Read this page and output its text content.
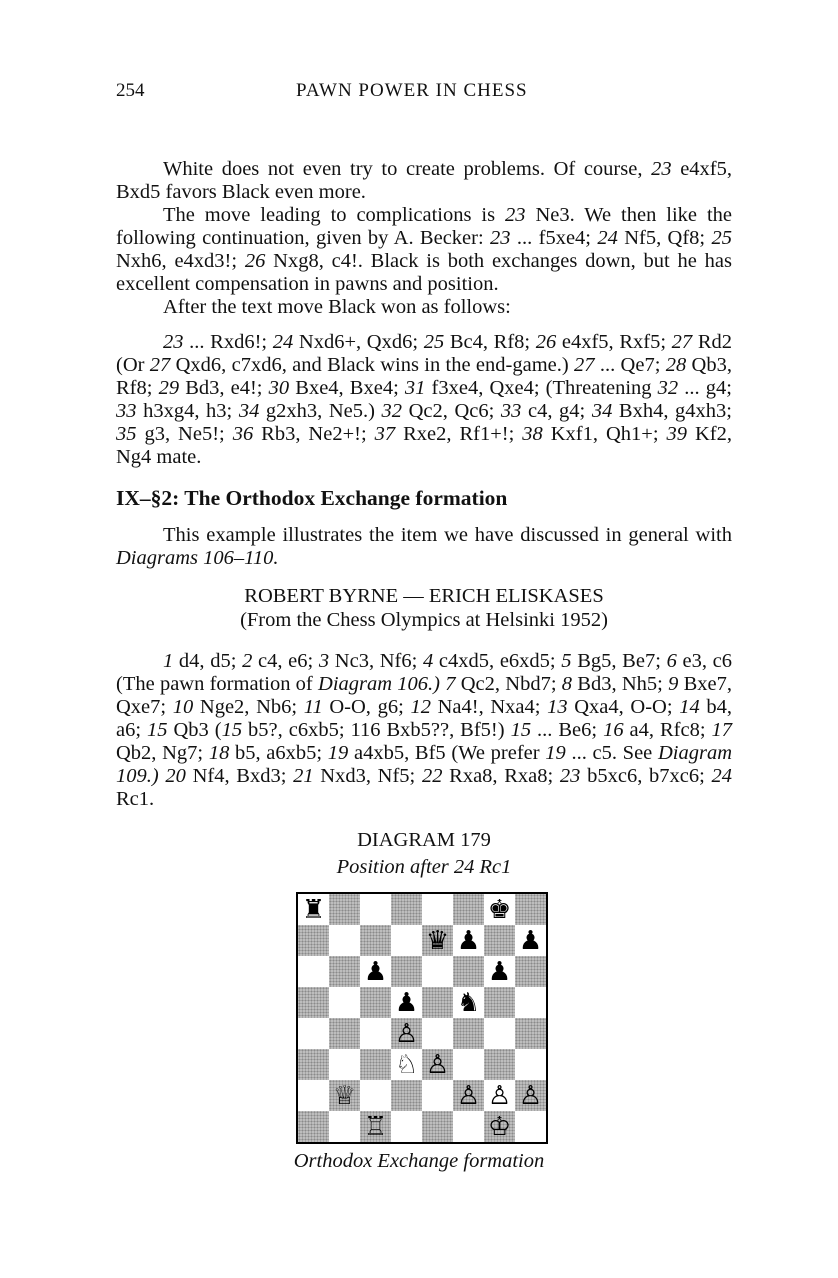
254	PAWN POWER IN CHESS

White does not even try to create problems. Of course, 23 e4xf5, Bxd5 favors Black even more.

The move leading to complications is 23 Ne3. We then like the following continuation, given by A. Becker: 23 ... f5xe4; 24 Nf5, Qf8; 25 Nxh6, e4xd3!; 26 Nxg8, c4!. Black is both exchanges down, but he has excellent compensation in pawns and position.

After the text move Black won as follows:

23 ... Rxd6!; 24 Nxd6+, Qxd6; 25 Bc4, Rf8; 26 e4xf5, Rxf5; 27 Rd2 (Or 27 Qxd6, c7xd6, and Black wins in the end-game.) 27 ... Qe7; 28 Qb3, Rf8; 29 Bd3, e4!; 30 Bxe4, Bxe4; 31 f3xe4, Qxe4; (Threatening 32 ... g4; 33 h3xg4, h3; 34 g2xh3, Ne5.) 32 Qc2, Qc6; 33 c4, g4; 34 Bxh4, g4xh3; 35 g3, Ne5!; 36 Rb3, Ne2+!; 37 Rxe2, Rf1+!; 38 Kxf1, Qh1+; 39 Kf2, Ng4 mate.

IX–§2: The Orthodox Exchange formation

This example illustrates the item we have discussed in general with Diagrams 106–110.

ROBERT BYRNE — ERICH ELISKASES
(From the Chess Olympics at Helsinki 1952)

1 d4, d5; 2 c4, e6; 3 Nc3, Nf6; 4 c4xd5, e6xd5; 5 Bg5, Be7; 6 e3, c6 (The pawn formation of Diagram 106.) 7 Qc2, Nbd7; 8 Bd3, Nh5; 9 Bxe7, Qxe7; 10 Nge2, Nb6; 11 O-O, g6; 12 Na4!, Nxa4; 13 Qxa4, O-O; 14 b4, a6; 15 Qb3 (15 b5?, c6xb5; 116 Bxb5??, Bf5!) 15 ... Be6; 16 a4, Rfc8; 17 Qb2, Ng7; 18 b5, a6xb5; 19 a4xb5, Bf5 (We prefer 19 ... c5. See Diagram 109.) 20 Nf4, Bxd3; 21 Nxd3, Nf5; 22 Rxa8, Rxa8; 23 b5xc6, b7xc6; 24 Rc1.

DIAGRAM 179
Position after 24 Rc1
♜	♚
♛ ♟ ♟
♟	♟
♟ ♞
♙
♘ ♙
♕	♙ ♙ ♙
♖	♔
Orthodox Exchange formation
